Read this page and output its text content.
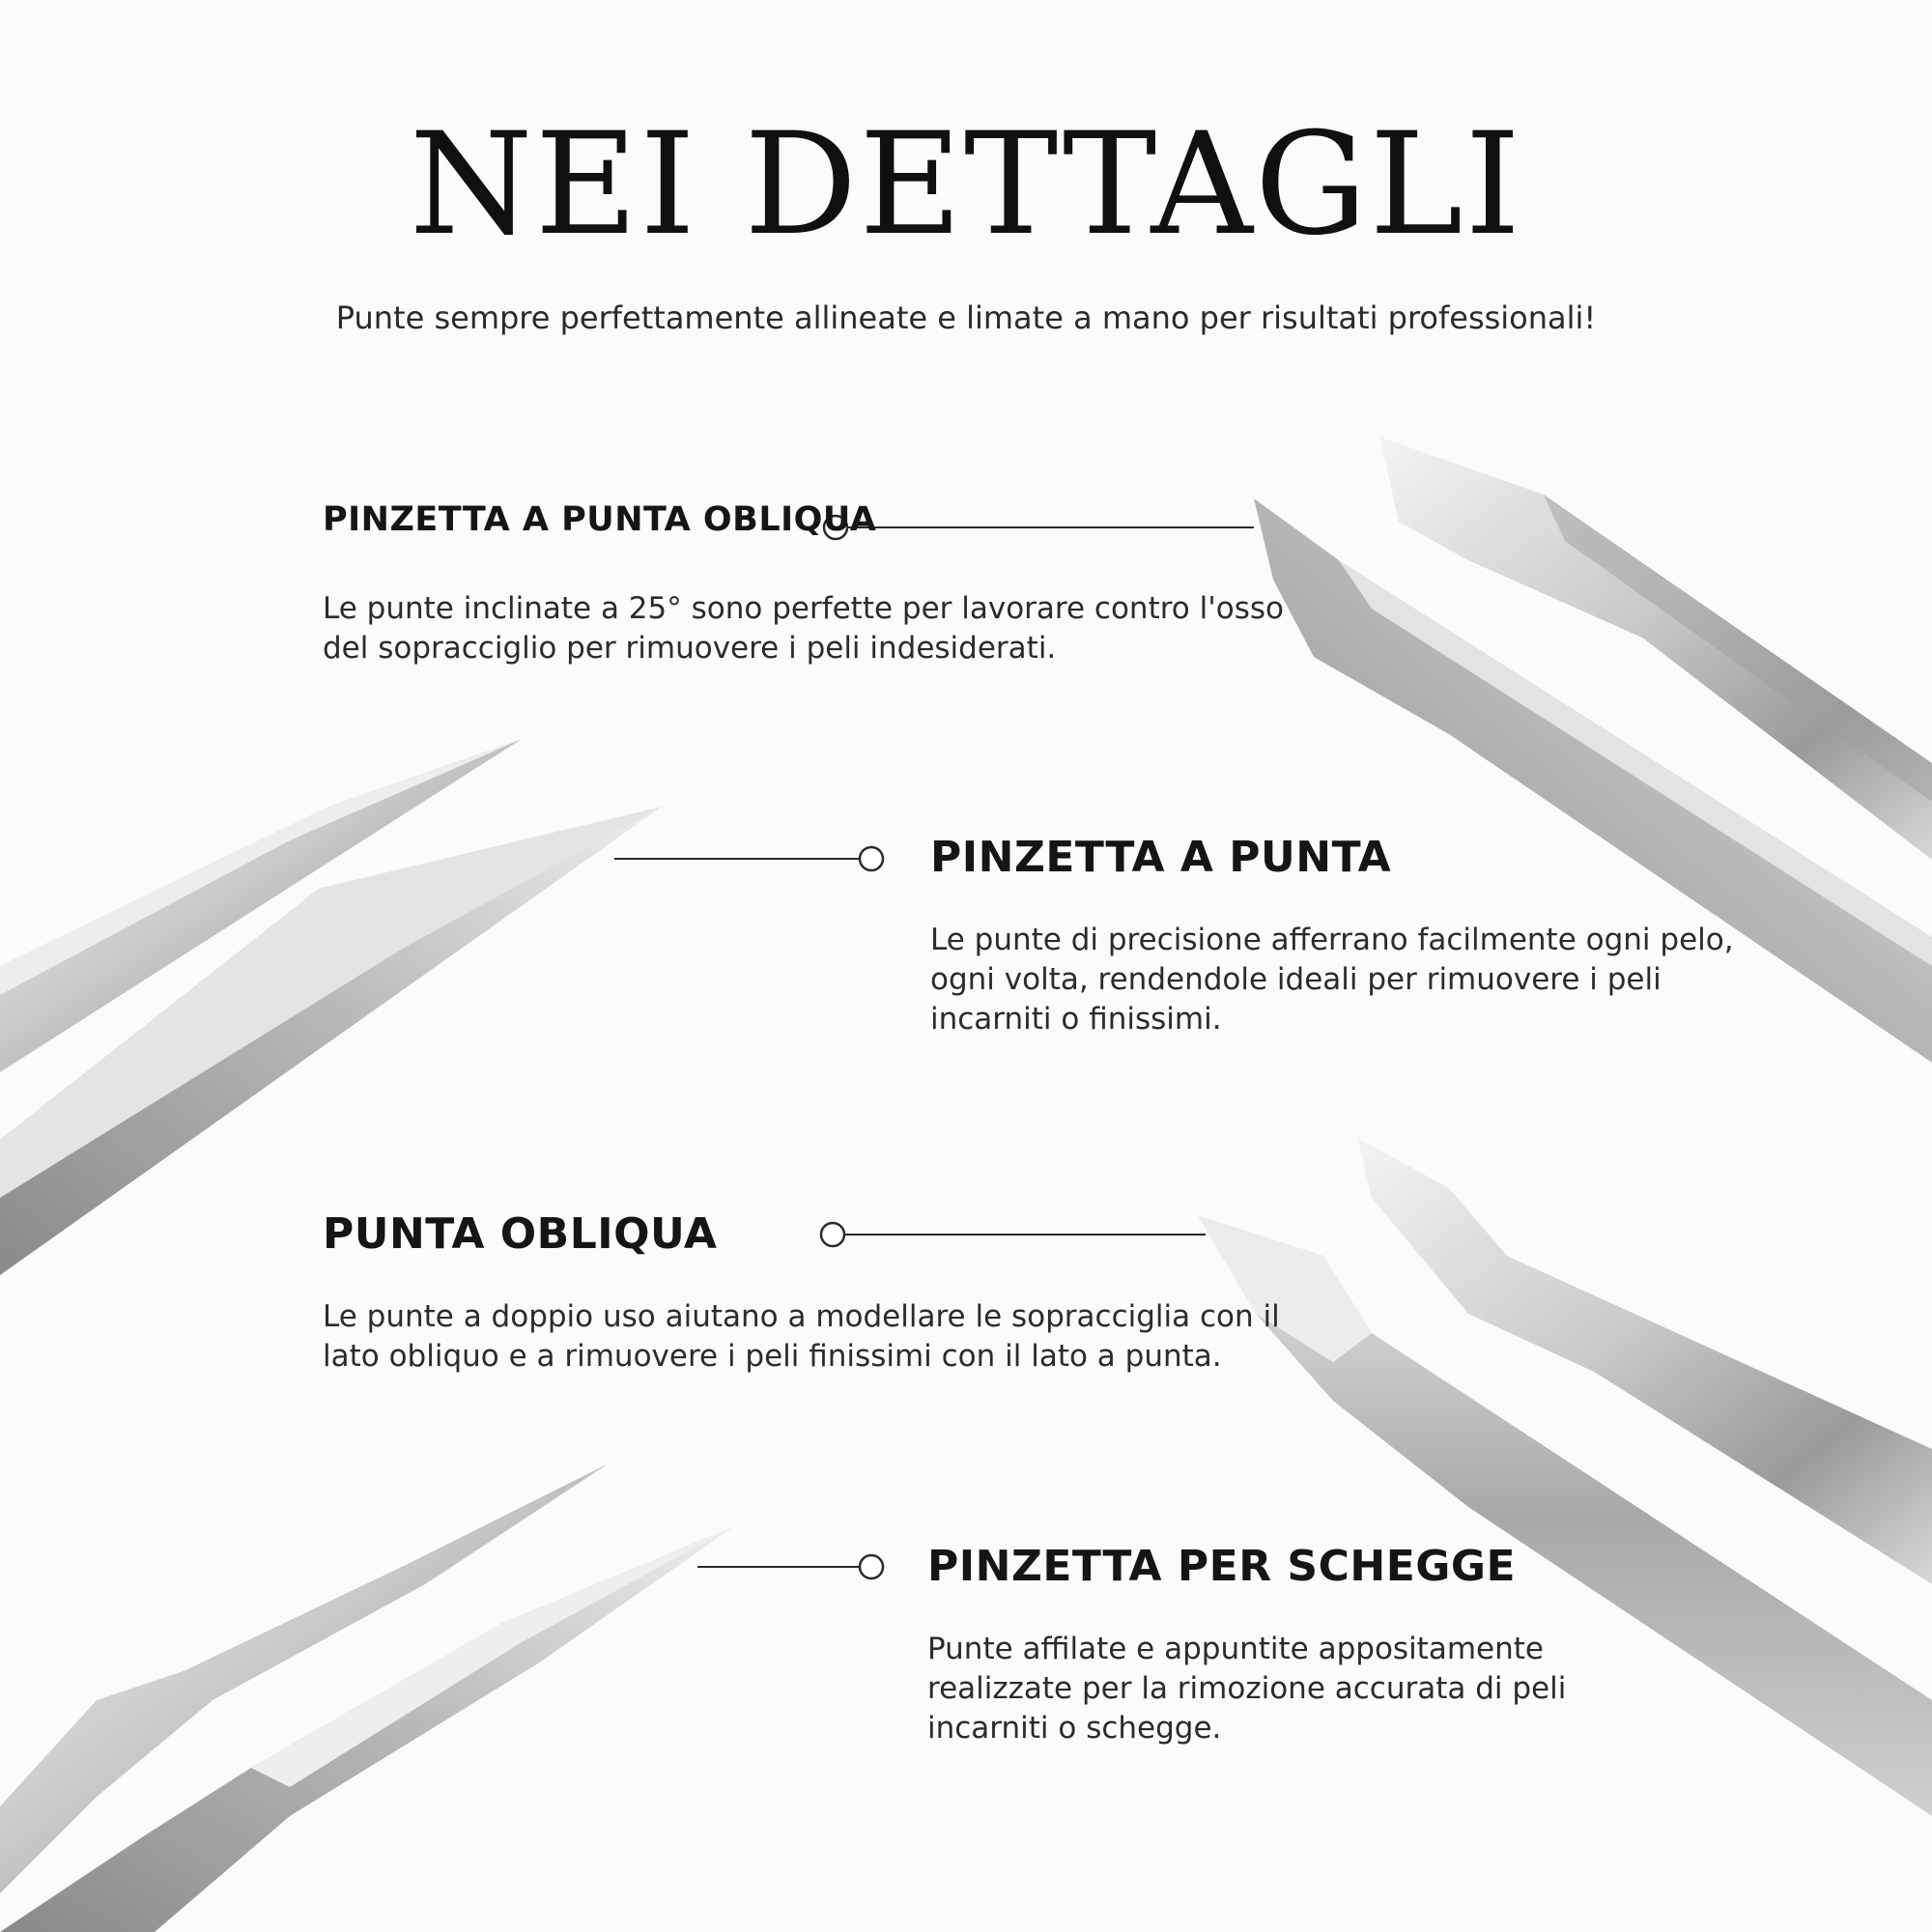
NEI DETTAGLI

Punte sempre perfettamente allineate e limate a mano per risultati professionali!

PINZETTA A PUNTA OBLIQUA

Le punte inclinate a 25° sono perfette per lavorare contro l'osso
del sopracciglio per rimuovere i peli indesiderati.

PINZETTA A PUNTA

Le punte di precisione afferrano facilmente ogni pelo,
ogni volta, rendendole ideali per rimuovere i peli
incarniti o finissimi.

PUNTA OBLIQUA

Le punte a doppio uso aiutano a modellare le sopracciglia con il
lato obliquo e a rimuovere i peli finissimi con il lato a punta.

PINZETTA PER SCHEGGE

Punte affilate e appuntite appositamente
realizzate per la rimozione accurata di peli
incarniti o schegge.
